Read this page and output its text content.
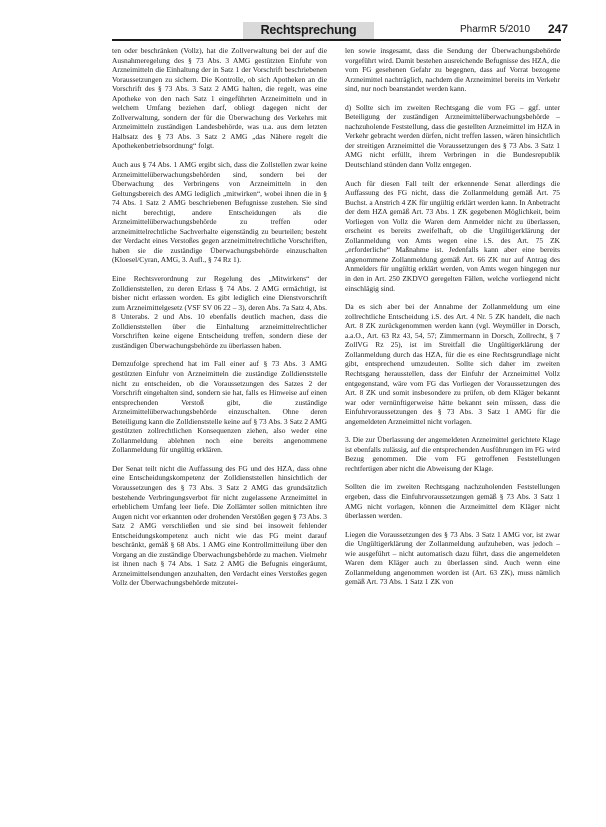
Rechtsprechung	PharmR 5/2010 247

ten oder beschränken (Vollz), hat die Zollverwaltung bei der auf die Ausnahmeregelung des § 73 Abs. 3 AMG gestützten Einfuhr von Arzneimitteln die Einhaltung der in Satz 1 der Vorschrift beschriebenen Voraussetzungen zu sichern. Die Kontrolle, ob sich Apotheken an die Vorschrift des § 73 Abs. 3 Satz 2 AMG halten, die regelt, was eine Apotheke von den nach Satz 1 eingeführten Arzneimitteln und in welchem Umfang beziehen darf, obliegt dagegen nicht der Zollverwaltung, sondern der für die Überwachung des Verkehrs mit Arzneimitteln zuständigen Landesbehörde, was u.a. aus dem letzten Halbsatz des § 73 Abs. 3 Satz 2 AMG „das Nähere regelt die Apothekenbetriebsordnung“ folgt.

Auch aus § 74 Abs. 1 AMG ergibt sich, dass die Zollstellen zwar keine Arzneimittelüberwachungsbehörden sind, sondern bei der Überwachung des Verbringens von Arzneimitteln in den Geltungsbereich des AMG lediglich „mitwirken“, wobei ihnen die in § 74 Abs. 1 Satz 2 AMG beschriebenen Befugnisse zustehen. Sie sind nicht berechtigt, andere Entscheidungen als die Arzneimittelüberwachungsbehörde zu treffen oder arzneimittelrechtliche Sachverhalte eigenständig zu beurteilen; besteht der Verdacht eines Verstoßes gegen arzneimittelrechtliche Vorschriften, haben sie die zuständige Überwachungsbehörde einzuschalten (Kloesel/Cyran, AMG, 3. Aufl., § 74 Rz 1).

Eine Rechtsverordnung zur Regelung des „Mitwirkens“ der Zolldienststellen, zu deren Erlass § 74 Abs. 2 AMG ermächtigt, ist bisher nicht erlassen worden. Es gibt lediglich eine Dienstvorschrift zum Arzneimittelgesetz (VSF SV 06 22 – 3), deren Abs. 7a Satz 4, Abs. 8 Unterabs. 2 und Abs. 10 ebenfalls deutlich machen, dass die Zolldienststellen über die Einhaltung arzneimittelrechtlicher Vorschriften keine eigene Entscheidung treffen, sondern diese der zuständigen Überwachungsbehörde zu überlassen haben.

Demzufolge sprechend hat im Fall einer auf § 73 Abs. 3 AMG gestützten Einfuhr von Arzneimitteln die zuständige Zolldienststelle nicht zu entscheiden, ob die Voraussetzungen des Satzes 2 der Vorschrift eingehalten sind, sondern sie hat, falls es Hinweise auf einen entsprechenden Verstoß gibt, die zuständige Arzneimittelüberwachungsbehörde einzuschalten. Ohne deren Beteiligung kann die Zolldienststelle keine auf § 73 Abs. 3 Satz 2 AMG gestützten zollrechtlichen Konsequenzen ziehen, also weder eine Zollanmeldung ablehnen noch eine bereits angenommene Zollanmeldung für ungültig erklären.

Der Senat teilt nicht die Auffassung des FG und des HZA, dass ohne eine Entscheidungskompetenz der Zolldienststellen hinsichtlich der Voraussetzungen des § 73 Abs. 3 Satz 2 AMG das grundsätzlich bestehende Verbringungsverbot für nicht zugelassene Arzneimittel in erheblichem Umfang leer liefe. Die Zollämter sollen mitnichten ihre Augen nicht vor erkannten oder drohenden Verstößen gegen § 73 Abs. 3 Satz 2 AMG verschließen und sie sind bei insoweit fehlender Entscheidungskompetenz auch nicht wie das FG meint darauf beschränkt, gemäß § 68 Abs. 1 AMG eine Kontrollmitteilung über den Vorgang an die zuständige Überwachungsbehörde zu machen. Vielmehr ist ihnen nach § 74 Abs. 1 Satz 2 AMG die Befugnis eingeräumt, Arzneimittelsendungen anzuhalten, den Verdacht eines Verstoßes gegen Vollz der Überwachungsbehörde mitzutei-

len sowie insgesamt, dass die Sendung der Überwachungsbehörde vorgeführt wird. Damit bestehen ausreichende Befugnisse des HZA, die vom FG gesehenen Gefahr zu begegnen, dass auf Vorrat bezogene Arzneimittel nachträglich, nachdem die Arzneimittel bereits im Verkehr sind, nur noch beanstandet werden kann.

d) Sollte sich im zweiten Rechtsgang die vom FG – ggf. unter Beteiligung der zuständigen Arzneimittelüberwachungsbehörde – nachzuholende Feststellung, dass die gestellten Arzneimittel im HZA in Verkehr gebracht werden dürfen, nicht treffen lassen, wären hinsichtlich der streitigen Arzneimittel die Voraussetzungen des § 73 Abs. 3 Satz 1 AMG nicht erfüllt, ihrem Verbringen in die Bundesrepublik Deutschland stünden dann Vollz entgegen.

Auch für diesen Fall teilt der erkennende Senat allerdings die Auffassung des FG nicht, dass die Zollanmeldung gemäß Art. 75 Buchst. a Anstrich 4 ZK für ungültig erklärt werden kann. In Anbetracht der dem HZA gemäß Art. 73 Abs. 1 ZK gegebenen Möglichkeit, beim Vorliegen von Vollz die Waren dem Anmelder nicht zu überlassen, erscheint es bereits zweifelhaft, ob die Ungültigerklärung der Zollanmeldung von Amts wegen eine i.S. des Art. 75 ZK „erforderliche“ Maßnahme ist. Jedenfalls kann aber eine bereits angenommene Zollanmeldung gemäß Art. 66 ZK nur auf Antrag des Anmelders für ungültig erklärt werden, von Amts wegen hingegen nur in den in Art. 250 ZKDVO geregelten Fällen, welche vorliegend nicht einschlägig sind.

Da es sich aber bei der Annahme der Zollanmeldung um eine zollrechtliche Entscheidung i.S. des Art. 4 Nr. 5 ZK handelt, die nach Art. 8 ZK zurückgenommen werden kann (vgl. Weymüller in Dorsch, a.a.O., Art. 63 Rz 43, 54, 57; Zimmermann in Dorsch, Zollrecht, § 7 ZollVG Rz 25), ist im Streitfall die Ungültigerklärung der Zollanmeldung durch das HZA, für die es eine Rechtsgrundlage nicht gibt, entsprechend umzudeuten. Sollte sich daher im zweiten Rechtsgang herausstellen, dass der Einfuhr der Arzneimittel Vollz entgegenstand, wäre vom FG das Vorliegen der Voraussetzungen des Art. 8 ZK und somit insbesondere zu prüfen, ob dem Kläger bekannt war oder vernünftigerweise hätte bekannt sein müssen, dass die Einfuhrvoraussetzungen des § 73 Abs. 3 Satz 1 AMG für die angemeldeten Arzneimittel nicht vorlagen.

3. Die zur Überlassung der angemeldeten Arzneimittel gerichtete Klage ist ebenfalls zulässig, auf die entsprechenden Ausführungen im FG wird Bezug genommen. Die vom FG getroffenen Feststellungen rechtfertigen aber nicht die Abweisung der Klage.

Sollten die im zweiten Rechtsgang nachzuholenden Feststellungen ergeben, dass die Einfuhrvoraussetzungen gemäß § 73 Abs. 3 Satz 1 AMG nicht vorlagen, können die Arzneimittel dem Kläger nicht überlassen werden.

Liegen die Voraussetzungen des § 73 Abs. 3 Satz 1 AMG vor, ist zwar die Ungültigerklärung der Zollanmeldung aufzuheben, was jedoch – wie ausgeführt – nicht automatisch dazu führt, dass die angemeldeten Waren dem Kläger auch zu überlassen sind. Auch wenn eine Zollanmeldung angenommen worden ist (Art. 63 ZK), muss nämlich gemäß Art. 73 Abs. 1 Satz 1 ZK von
